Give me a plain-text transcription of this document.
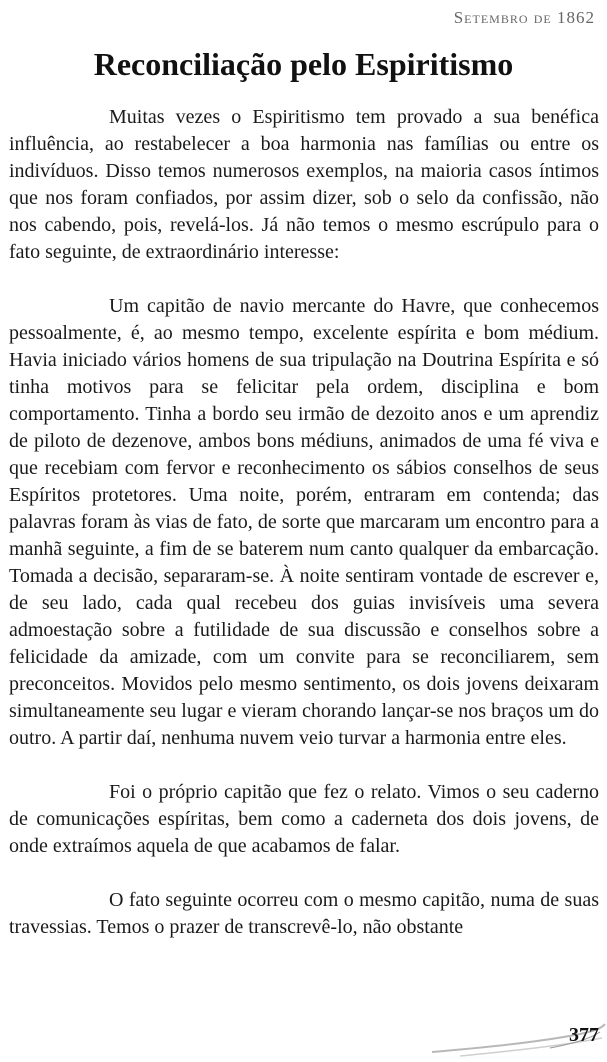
Setembro de 1862
Reconciliação pelo Espiritismo

Muitas vezes o Espiritismo tem provado a sua benéfica influência, ao restabelecer a boa harmonia nas famílias ou entre os indivíduos. Disso temos numerosos exemplos, na maioria casos íntimos que nos foram confiados, por assim dizer, sob o selo da confissão, não nos cabendo, pois, revelá-los. Já não temos o mesmo escrúpulo para o fato seguinte, de extraordinário interesse:

Um capitão de navio mercante do Havre, que conhecemos pessoalmente, é, ao mesmo tempo, excelente espírita e bom médium. Havia iniciado vários homens de sua tripulação na Doutrina Espírita e só tinha motivos para se felicitar pela ordem, disciplina e bom comportamento. Tinha a bordo seu irmão de dezoito anos e um aprendiz de piloto de dezenove, ambos bons médiuns, animados de uma fé viva e que recebiam com fervor e reconhecimento os sábios conselhos de seus Espíritos protetores. Uma noite, porém, entraram em contenda; das palavras foram às vias de fato, de sorte que marcaram um encontro para a manhã seguinte, a fim de se baterem num canto qualquer da embarcação. Tomada a decisão, separaram-se. À noite sentiram vontade de escrever e, de seu lado, cada qual recebeu dos guias invisíveis uma severa admoestação sobre a futilidade de sua discussão e conselhos sobre a felicidade da amizade, com um convite para se reconciliarem, sem preconceitos. Movidos pelo mesmo sentimento, os dois jovens deixaram simultaneamente seu lugar e vieram chorando lançar-se nos braços um do outro. A partir daí, nenhuma nuvem veio turvar a harmonia entre eles.

Foi o próprio capitão que fez o relato. Vimos o seu caderno de comunicações espíritas, bem como a caderneta dos dois jovens, de onde extraímos aquela de que acabamos de falar.

O fato seguinte ocorreu com o mesmo capitão, numa de suas travessias. Temos o prazer de transcrevê-lo, não obstante

377
